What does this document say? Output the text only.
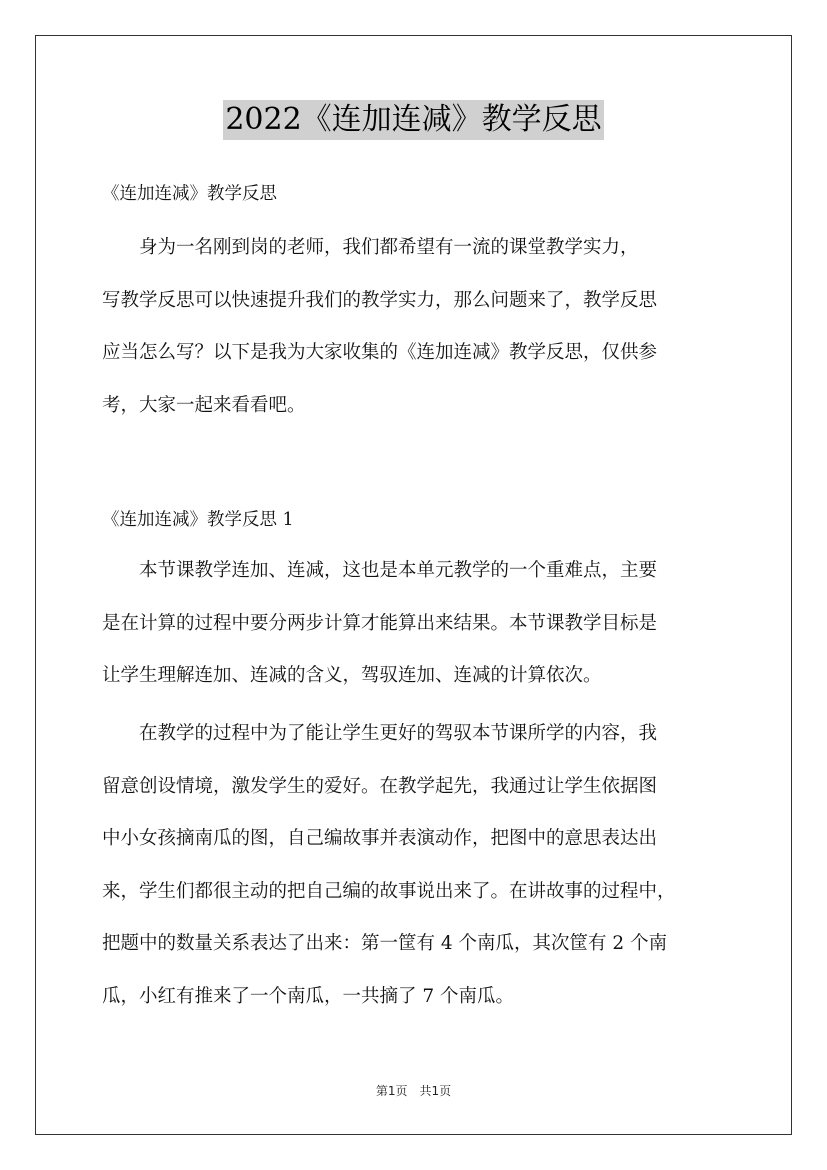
2022《连加连减》教学反思
《连加连减》教学反思
　　身为一名刚到岗的老师，我们都希望有一流的课堂教学实力，
写教学反思可以快速提升我们的教学实力，那么问题来了，教学反思
应当怎么写？以下是我为大家收集的《连加连减》教学反思，仅供参
考，大家一起来看看吧。
《连加连减》教学反思 1
　　本节课教学连加、连减，这也是本单元教学的一个重难点，主要
是在计算的过程中要分两步计算才能算出来结果。本节课教学目标是
让学生理解连加、连减的含义，驾驭连加、连减的计算依次。
　　在教学的过程中为了能让学生更好的驾驭本节课所学的内容，我
留意创设情境，激发学生的爱好。在教学起先，我通过让学生依据图
中小女孩摘南瓜的图，自己编故事并表演动作，把图中的意思表达出
来，学生们都很主动的把自己编的故事说出来了。在讲故事的过程中，
把题中的数量关系表达了出来：第一筐有 4 个南瓜，其次筐有 2 个南
瓜，小红有推来了一个南瓜，一共摘了 7 个南瓜。
第1页　共1页
